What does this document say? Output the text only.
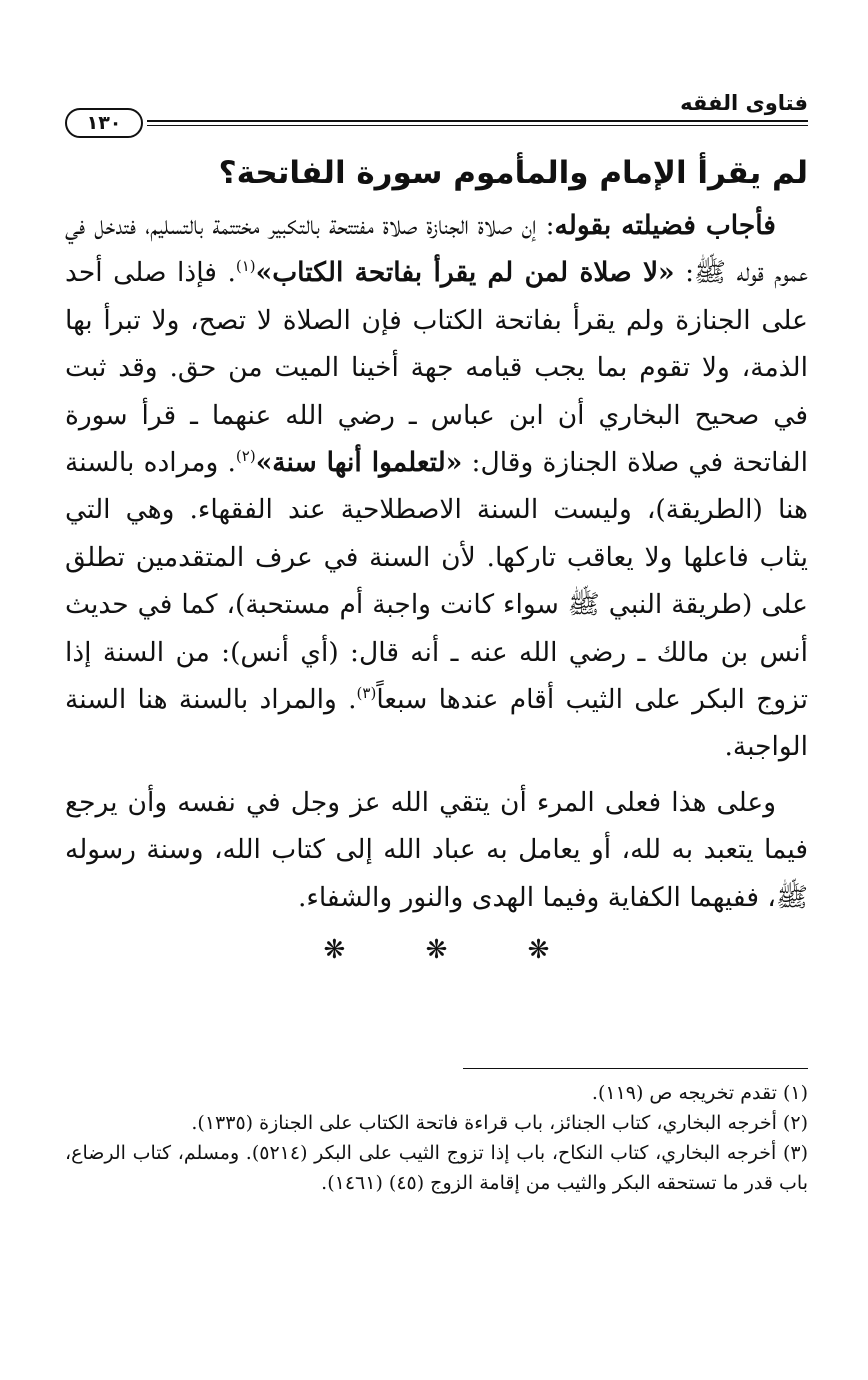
فتاوى الفقه
١٣٠

لم يقرأ الإمام والمأموم سورة الفاتحة؟

فأجاب فضيلته بقوله: إن صلاة الجنازة صلاة مفتتحة بالتكبير مختتمة بالتسليم، فتدخل في عموم قوله ﷺ: «لا صلاة لمن لم يقرأ بفاتحة الكتاب»$^{(١)}$. فإذا صلى أحد على الجنازة ولم يقرأ بفاتحة الكتاب فإن الصلاة لا تصح، ولا تبرأ بها الذمة، ولا تقوم بما يجب قيامه جهة أخينا الميت من حق. وقد ثبت في صحيح البخاري أن ابن عباس ـ رضي الله عنهما ـ قرأ سورة الفاتحة في صلاة الجنازة وقال: «لتعلموا أنها سنة»$^{(٢)}$. ومراده بالسنة هنا (الطريقة)، وليست السنة الاصطلاحية عند الفقهاء. وهي التي يثاب فاعلها ولا يعاقب تاركها. لأن السنة في عرف المتقدمين تطلق على (طريقة النبي ﷺ سواء كانت واجبة أم مستحبة)، كما في حديث أنس بن مالك ـ رضي الله عنه ـ أنه قال: (أي أنس): من السنة إذا تزوج البكر على الثيب أقام عندها سبعاً$^{(٣)}$. والمراد بالسنة هنا السنة الواجبة.

وعلى هذا فعلى المرء أن يتقي الله عز وجل في نفسه وأن يرجع فيما يتعبد به لله، أو يعامل به عباد الله إلى كتاب الله، وسنة رسوله ﷺ، ففيهما الكفاية وفيما الهدى والنور والشفاء.

❋ ❋ ❋

(١) تقدم تخريجه ص (١١٩).

(٢) أخرجه البخاري، كتاب الجنائز، باب قراءة فاتحة الكتاب على الجنازة (١٣٣٥).

(٣) أخرجه البخاري، كتاب النكاح، باب إذا تزوج الثيب على البكر (٥٢١٤). ومسلم، كتاب الرضاع، باب قدر ما تستحقه البكر والثيب من إقامة الزوج (٤٥) (١٤٦١).
